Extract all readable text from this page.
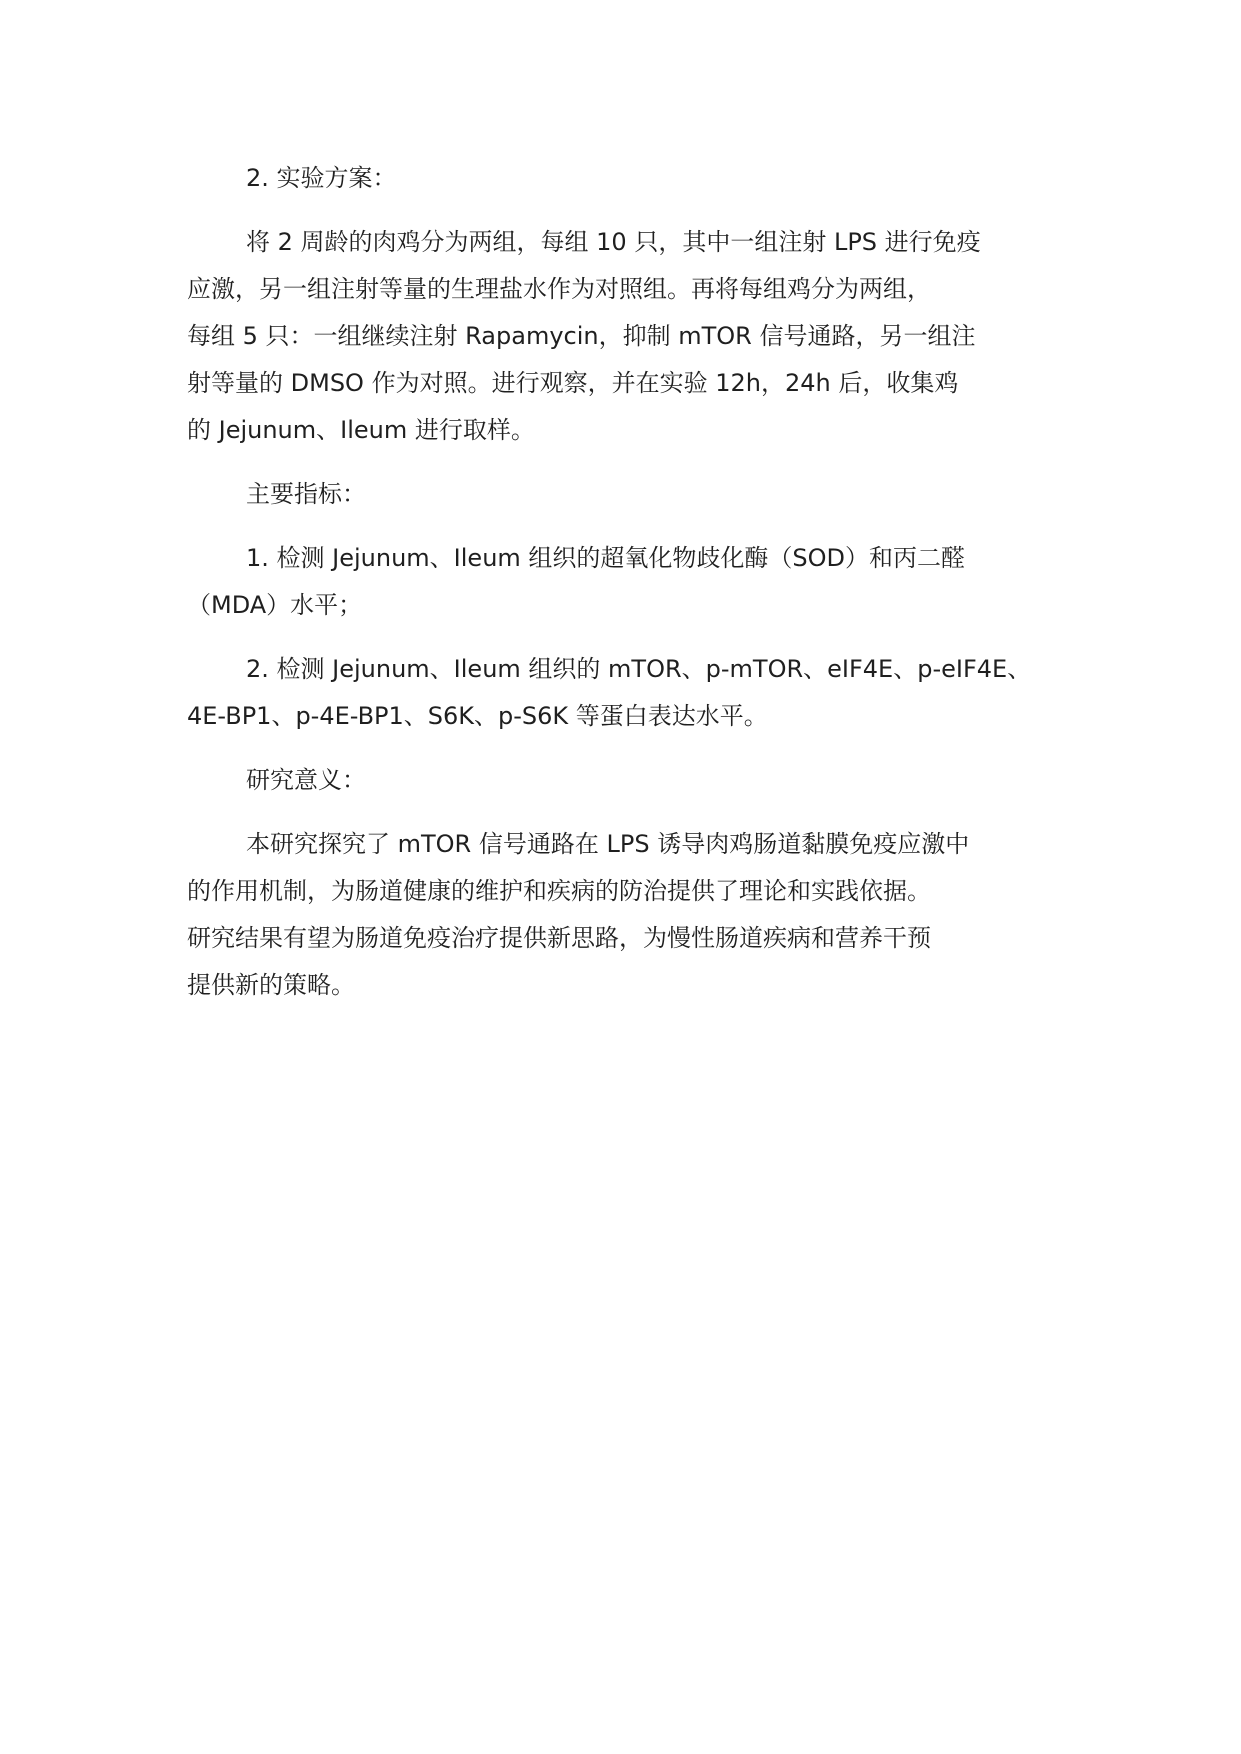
2. 实验方案：

将 2 周龄的肉鸡分为两组，每组 10 只，其中一组注射 LPS 进行免疫
应激，另一组注射等量的生理盐水作为对照组。再将每组鸡分为两组，
每组 5 只：一组继续注射 Rapamycin，抑制 mTOR 信号通路，另一组注
射等量的 DMSO 作为对照。进行观察，并在实验 12h，24h 后，收集鸡
的 Jejunum、Ileum 进行取样。

主要指标：

1. 检测 Jejunum、Ileum 组织的超氧化物歧化酶（SOD）和丙二醛
（MDA）水平；

2. 检测 Jejunum、Ileum 组织的 mTOR、p-mTOR、eIF4E、p-eIF4E、
4E-BP1、p-4E-BP1、S6K、p-S6K 等蛋白表达水平。

研究意义：

本研究探究了 mTOR 信号通路在 LPS 诱导肉鸡肠道黏膜免疫应激中
的作用机制，为肠道健康的维护和疾病的防治提供了理论和实践依据。
研究结果有望为肠道免疫治疗提供新思路，为慢性肠道疾病和营养干预
提供新的策略。
